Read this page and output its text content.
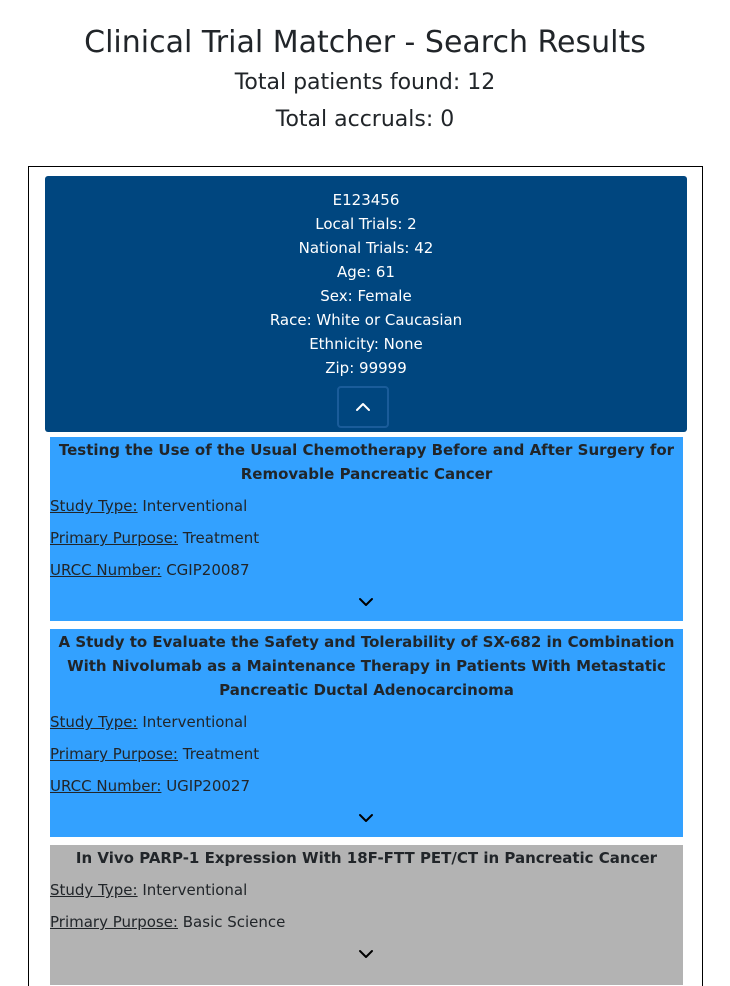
Clinical Trial Matcher - Search Results
Total patients found: 12
Total accruals: 0
E123456
Local Trials: 2
National Trials: 42
Age: 61
Sex: Female
Race: White or Caucasian
Ethnicity: None
Zip: 99999
Testing the Use of the Usual Chemotherapy Before and After Surgery for Removable Pancreatic Cancer
Study Type: Interventional
Primary Purpose: Treatment
URCC Number: CGIP20087
A Study to Evaluate the Safety and Tolerability of SX-682 in Combination With Nivolumab as a Maintenance Therapy in Patients With Metastatic Pancreatic Ductal Adenocarcinoma
Study Type: Interventional
Primary Purpose: Treatment
URCC Number: UGIP20027
In Vivo PARP-1 Expression With 18F-FTT PET/CT in Pancreatic Cancer
Study Type: Interventional
Primary Purpose: Basic Science
